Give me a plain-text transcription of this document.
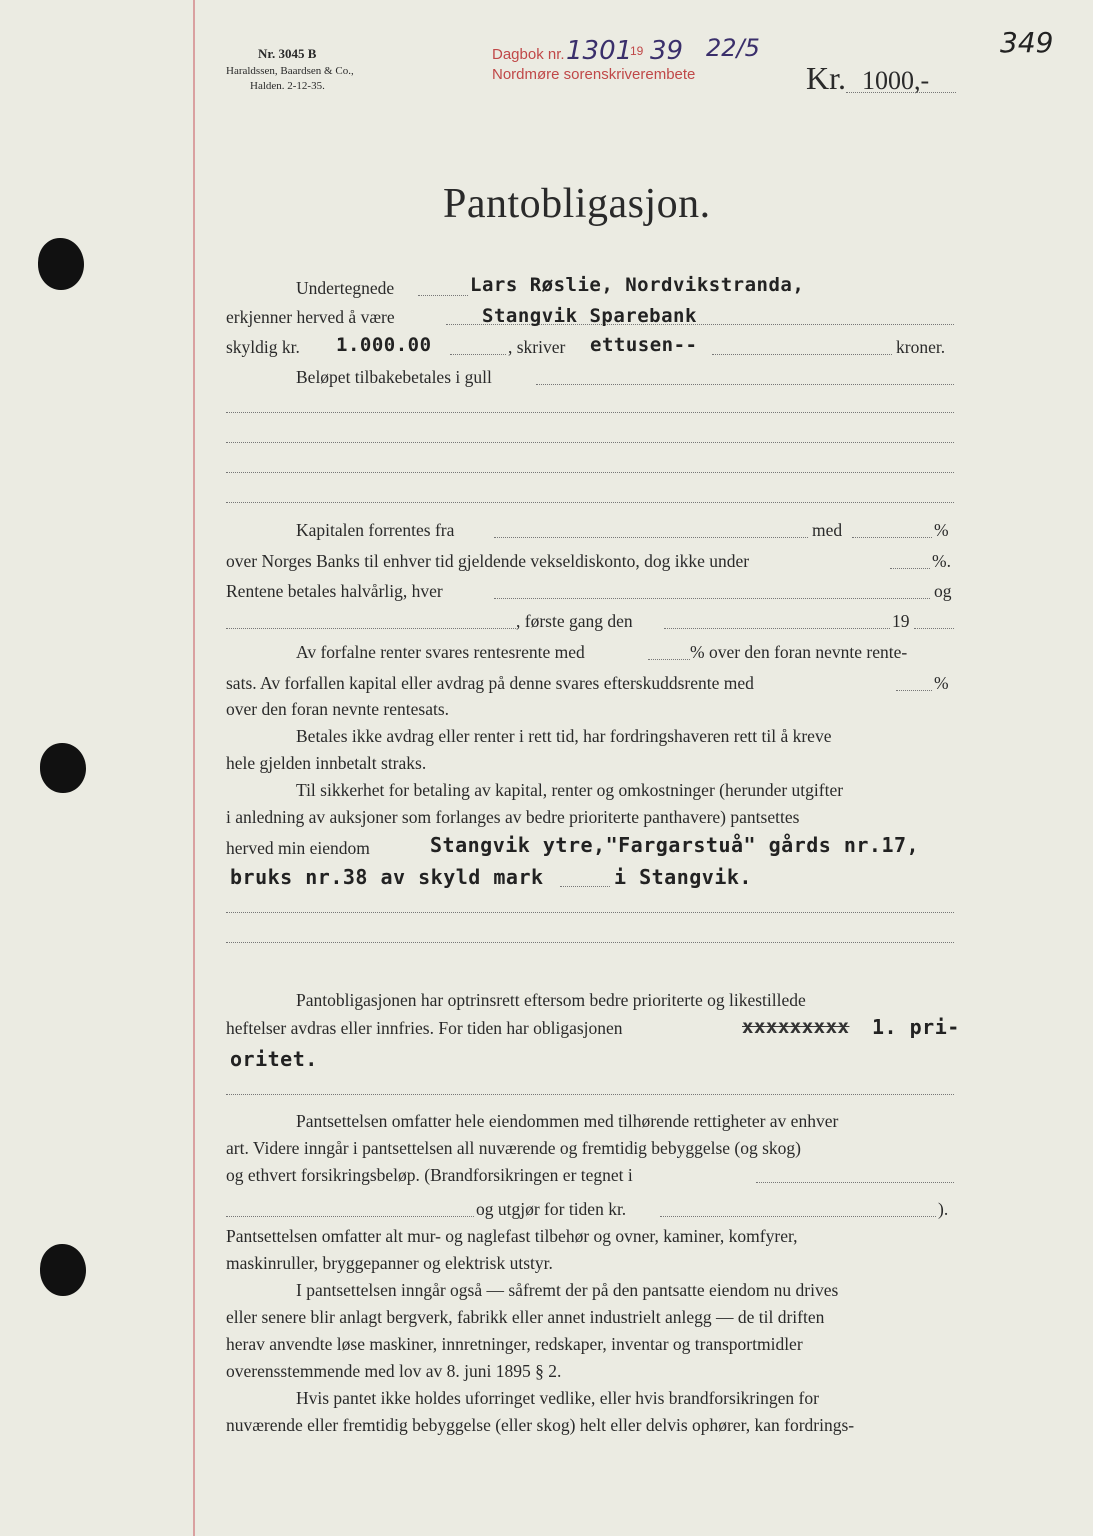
Nr. 3045 B
Haraldssen, Baardsen & Co.,
Halden. 2-12-35.
Dagbok nr. 1301
19 39 22/5
Nordmøre sorenskriverembete	Kr. 1000,-
349
Pantobligasjon.
Undertegnede	Lars Røslie, Nordvikstranda,
erkjenner herved å være	Stangvik Sparebank
skyldig kr. 1.000.00	, skriver ettusen--	kroner.
Beløpet tilbakebetales i gull
Kapitalen forrentes fra	med	%
over Norges Banks til enhver tid gjeldende vekseldiskonto, dog ikke under	%.
Rentene betales halvårlig, hver	og
, første gang den	19
Av forfalne renter svares rentesrente med	% over den foran nevnte rente-
sats. Av forfallen kapital eller avdrag på denne svares efterskuddsrente med	%
over den foran nevnte rentesats.
Betales ikke avdrag eller renter i rett tid, har fordringshaveren rett til å kreve
hele gjelden innbetalt straks.
Til sikkerhet for betaling av kapital, renter og omkostninger (herunder utgifter
i anledning av auksjoner som forlanges av bedre prioriterte panthavere) pantsettes
herved min eiendom	Stangvik ytre,"Fargarstuå" gårds nr.17,
bruks nr.38 av skyld mark	i Stangvik.
Pantobligasjonen har optrinsrett eftersom bedre prioriterte og likestillede
heftelser avdras eller innfries. For tiden har obligasjonen	xxxxxxxxx 1. pri-
oritet.
Pantsettelsen omfatter hele eiendommen med tilhørende rettigheter av enhver
art. Videre inngår i pantsettelsen all nuværende og fremtidig bebyggelse (og skog)
og ethvert forsikringsbeløp. (Brandforsikringen er tegnet i
og utgjør for tiden kr.	).
Pantsettelsen omfatter alt mur- og naglefast tilbehør og ovner, kaminer, komfyrer,
maskinruller, bryggepanner og elektrisk utstyr.
I pantsettelsen inngår også — såfremt der på den pantsatte eiendom nu drives
eller senere blir anlagt bergverk, fabrikk eller annet industrielt anlegg — de til driften
herav anvendte løse maskiner, innretninger, redskaper, inventar og transportmidler
overensstemmende med lov av 8. juni 1895 § 2.
Hvis pantet ikke holdes uforringet vedlike, eller hvis brandforsikringen for
nuværende eller fremtidig bebyggelse (eller skog) helt eller delvis ophører, kan fordrings-
